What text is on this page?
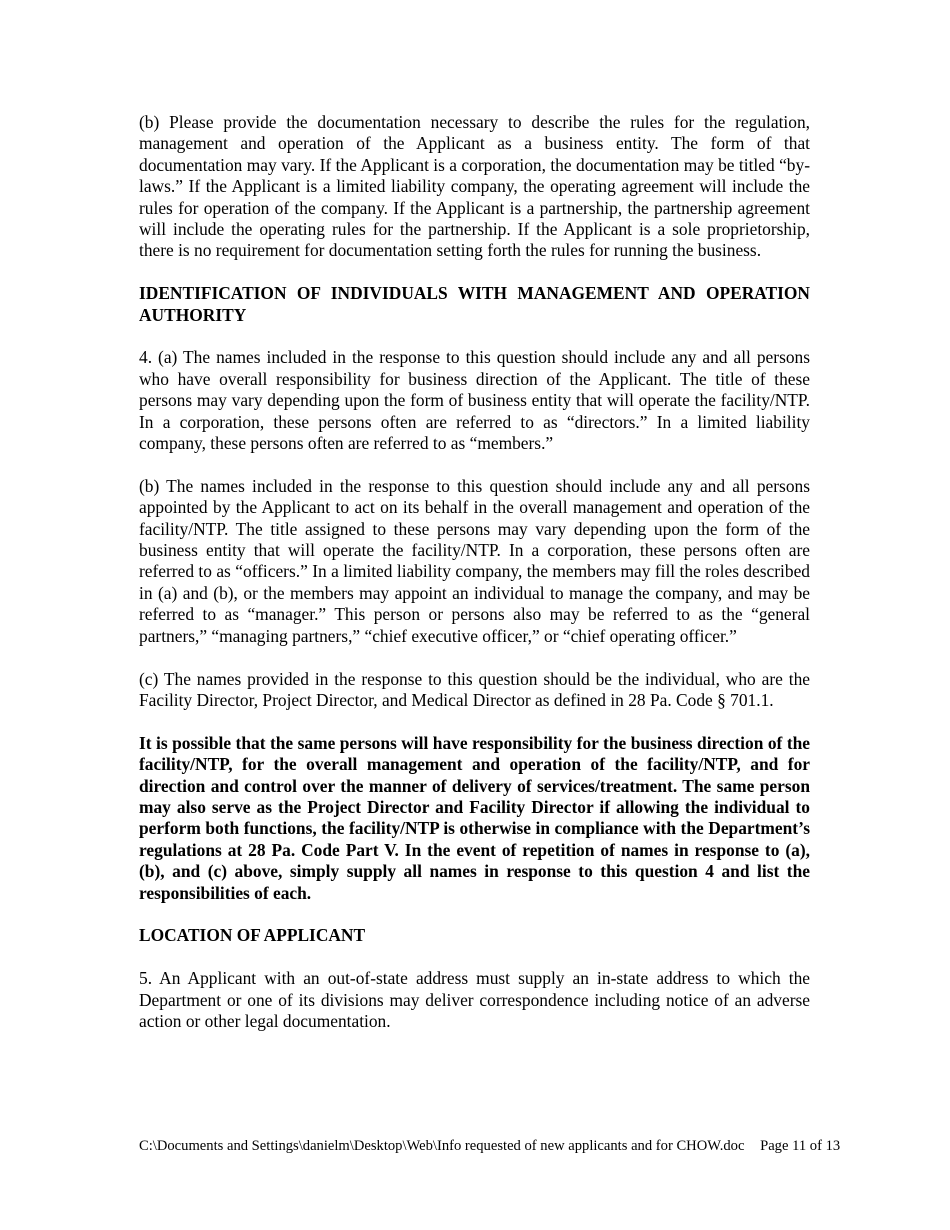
(b) Please provide the documentation necessary to describe the rules for the regulation, management and operation of the Applicant as a business entity. The form of that documentation may vary. If the Applicant is a corporation, the documentation may be titled “by-laws.” If the Applicant is a limited liability company, the operating agreement will include the rules for operation of the company. If the Applicant is a partnership, the partnership agreement will include the operating rules for the partnership. If the Applicant is a sole proprietorship, there is no requirement for documentation setting forth the rules for running the business.

IDENTIFICATION OF INDIVIDUALS WITH MANAGEMENT AND OPERATION AUTHORITY

4. (a) The names included in the response to this question should include any and all persons who have overall responsibility for business direction of the Applicant. The title of these persons may vary depending upon the form of business entity that will operate the facility/NTP. In a corporation, these persons often are referred to as “directors.” In a limited liability company, these persons often are referred to as “members.”

(b) The names included in the response to this question should include any and all persons appointed by the Applicant to act on its behalf in the overall management and operation of the facility/NTP. The title assigned to these persons may vary depending upon the form of the business entity that will operate the facility/NTP. In a corporation, these persons often are referred to as “officers.” In a limited liability company, the members may fill the roles described in (a) and (b), or the members may appoint an individual to manage the company, and may be referred to as “manager.” This person or persons also may be referred to as the “general partners,” “managing partners,” “chief executive officer,” or “chief operating officer.”

(c) The names provided in the response to this question should be the individual, who are the Facility Director, Project Director, and Medical Director as defined in 28 Pa. Code § 701.1.

It is possible that the same persons will have responsibility for the business direction of the facility/NTP, for the overall management and operation of the facility/NTP, and for direction and control over the manner of delivery of services/treatment. The same person may also serve as the Project Director and Facility Director if allowing the individual to perform both functions, the facility/NTP is otherwise in compliance with the Department’s regulations at 28 Pa. Code Part V. In the event of repetition of names in response to (a), (b), and (c) above, simply supply all names in response to this question 4 and list the responsibilities of each.

LOCATION OF APPLICANT

5. An Applicant with an out-of-state address must supply an in-state address to which the Department or one of its divisions may deliver correspondence including notice of an adverse action or other legal documentation.

C:\Documents and Settings\danielm\Desktop\Web\Info requested of new applicants and for CHOW.doc Page 11 of 13
